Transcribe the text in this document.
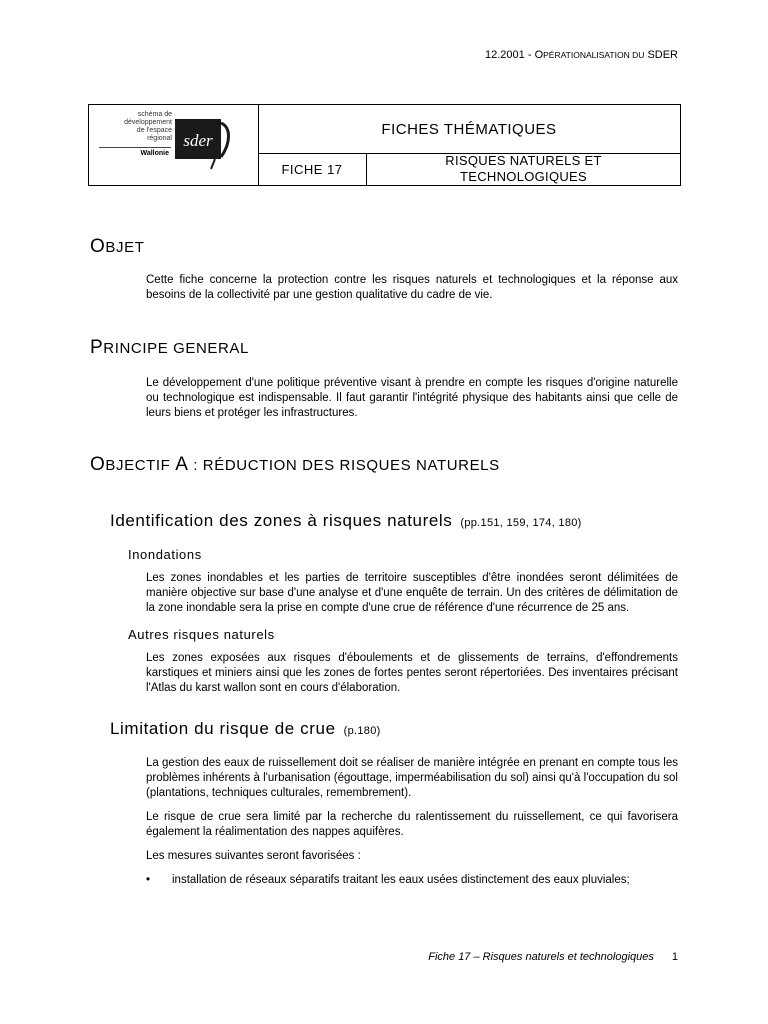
12.2001 - OPÉRATIONALISATION DU SDER
schéma de
développement
de l'espace
régional
Wallonie
sder
FICHES THÉMATIQUES
FICHE 17
RISQUES NATURELS ET
TECHNOLOGIQUES
OBJET

Cette fiche concerne la protection contre les risques naturels et technologiques et la réponse aux besoins de la collectivité par une gestion qualitative du cadre de vie.

PRINCIPE GENERAL

Le développement d'une politique préventive visant à prendre en compte les risques d'origine naturelle ou technologique est indispensable. Il faut garantir l'intégrité physique des habitants ainsi que celle de leurs biens et protéger les infrastructures.

OBJECTIF A : RÉDUCTION DES RISQUES NATURELS
Identification des zones à risques naturels (pp.151, 159, 174, 180)
Inondations

Les zones inondables et les parties de territoire susceptibles d'être inondées seront délimitées de manière objective sur base d'une analyse et d'une enquête de terrain. Un des critères de délimitation de la zone inondable sera la prise en compte d'une crue de référence d'une récurrence de 25 ans.

Autres risques naturels

Les zones exposées aux risques d'éboulements et de glissements de terrains, d'effondrements karstiques et miniers ainsi que les zones de fortes pentes seront répertoriées. Des inventaires précisant l'Atlas du karst wallon sont en cours d'élaboration.

Limitation du risque de crue (p.180)

La gestion des eaux de ruissellement doit se réaliser de manière intégrée en prenant en compte tous les problèmes inhérents à l'urbanisation (égouttage, imperméabilisation du sol) ainsi qu'à l'occupation du sol (plantations, techniques culturales, remembrement).

Le risque de crue sera limité par la recherche du ralentissement du ruissellement, ce qui favorisera également la réalimentation des nappes aquifères.

Les mesures suivantes seront favorisées :

• installation de réseaux séparatifs traitant les eaux usées distinctement des eaux pluviales;
Fiche 17 – Risques naturels et technologiques 1
